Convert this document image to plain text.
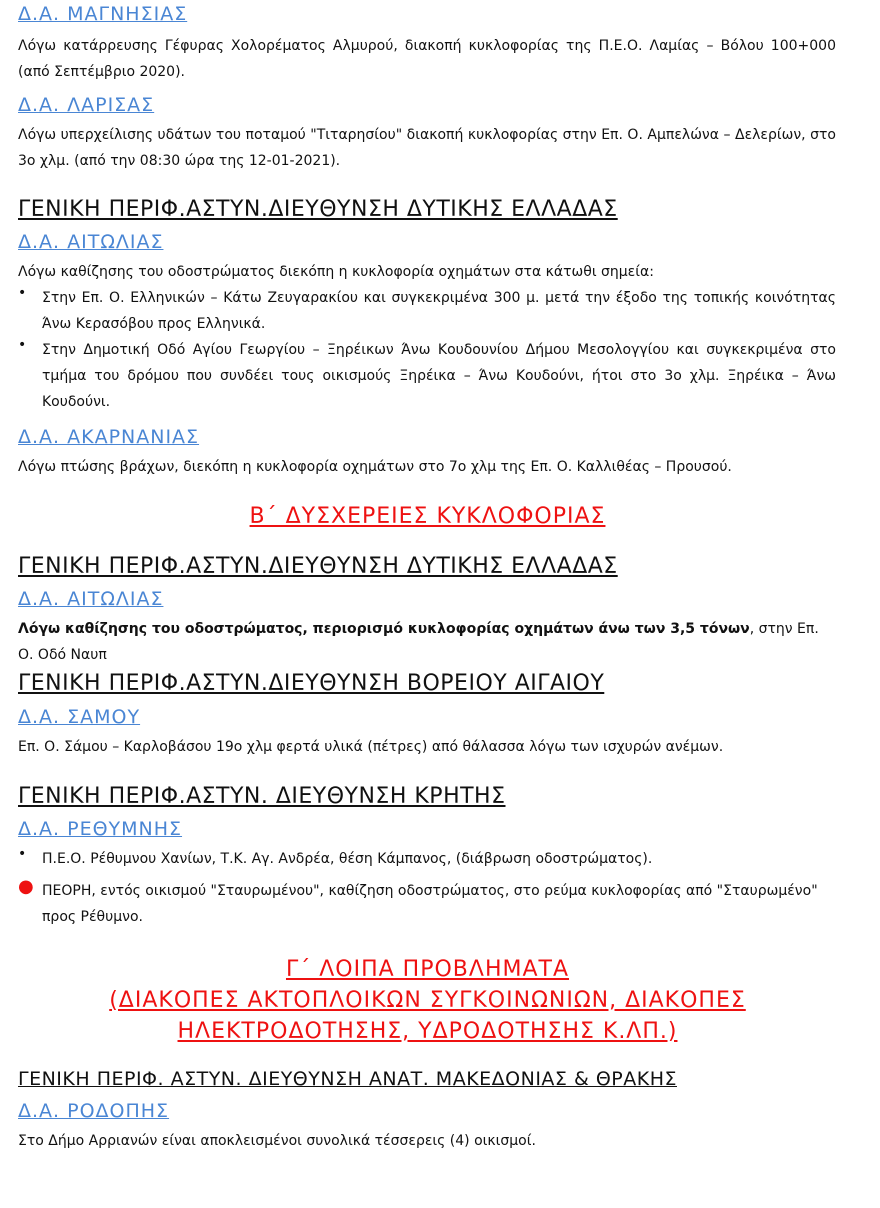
Δ.Α. ΜΑΓΝΗΣΙΑΣ
Λόγω κατάρρευσης Γέφυρας Χολορέματος Αλμυρού, διακοπή κυκλοφορίας της Π.Ε.Ο. Λαμίας – Βόλου 100+000 (από Σεπτέμβριο 2020).
Δ.Α. ΛΑΡΙΣΑΣ
Λόγω υπερχείλισης υδάτων του ποταμού "Τιταρησίου" διακοπή κυκλοφορίας στην Επ. Ο. Αμπελώνα – Δελερίων, στο 3ο χλμ. (από την 08:30 ώρα της 12-01-2021).
ΓΕΝΙΚΗ ΠΕΡΙΦ.ΑΣΤΥΝ.ΔΙΕΥΘΥΝΣΗ ΔΥΤΙΚΗΣ ΕΛΛΑΔΑΣ
Δ.Α. ΑΙΤΩΛΙΑΣ
Λόγω καθίζησης του οδοστρώματος διεκόπη η κυκλοφορία οχημάτων στα κάτωθι σημεία:
• Στην Επ. Ο. Ελληνικών – Κάτω Ζευγαρακίου και συγκεκριμένα 300 μ. μετά την έξοδο της τοπικής κοινότητας Άνω Κερασόβου προς Ελληνικά.
• Στην Δημοτική Οδό Αγίου Γεωργίου – Ξηρέικων Άνω Κουδουνίου Δήμου Μεσολογγίου και συγκεκριμένα στο τμήμα του δρόμου που συνδέει τους οικισμούς Ξηρέικα – Άνω Κουδούνι, ήτοι στο 3ο χλμ. Ξηρέικα – Άνω Κουδούνι.
Δ.Α. ΑΚΑΡΝΑΝΙΑΣ
Λόγω πτώσης βράχων, διεκόπη η κυκλοφορία οχημάτων στο 7ο χλμ της Επ. Ο. Καλλιθέας – Προυσού.
Β΄ ΔΥΣΧΕΡΕΙΕΣ ΚΥΚΛΟΦΟΡΙΑΣ
ΓΕΝΙΚΗ ΠΕΡΙΦ.ΑΣΤΥΝ.ΔΙΕΥΘΥΝΣΗ ΔΥΤΙΚΗΣ ΕΛΛΑΔΑΣ
Δ.Α. ΑΙΤΩΛΙΑΣ
Λόγω καθίζησης του οδοστρώματος, περιορισμό κυκλοφορίας οχημάτων άνω των 3,5 τόνων, στην Επ. Ο. Οδό Ναυπ
ΓΕΝΙΚΗ ΠΕΡΙΦ.ΑΣΤΥΝ.ΔΙΕΥΘΥΝΣΗ ΒΟΡΕΙΟΥ ΑΙΓΑΙΟΥ
Δ.Α. ΣΑΜΟΥ
Επ. Ο. Σάμου – Καρλοβάσου 19ο χλμ φερτά υλικά (πέτρες) από θάλασσα λόγω των ισχυρών ανέμων.
ΓΕΝΙΚΗ ΠΕΡΙΦ.ΑΣΤΥΝ. ΔΙΕΥΘΥΝΣΗ ΚΡΗΤΗΣ
Δ.Α. ΡΕΘΥΜΝΗΣ
• Π.Ε.Ο. Ρέθυμνου Χανίων, Τ.Κ. Αγ. Ανδρέα, θέση Κάμπανος, (διάβρωση οδοστρώματος).
● ΠΕΟΡΗ, εντός οικισμού "Σταυρωμένου", καθίζηση οδοστρώματος, στο ρεύμα κυκλοφορίας από "Σταυρωμένο" προς Ρέθυμνο.
Γ΄ ΛΟΙΠΑ ΠΡΟΒΛΗΜΑΤΑ
(ΔΙΑΚΟΠΕΣ ΑΚΤΟΠΛΟΙΚΩΝ ΣΥΓΚΟΙΝΩΝΙΩΝ, ΔΙΑΚΟΠΕΣ
ΗΛΕΚΤΡΟΔΟΤΗΣΗΣ, ΥΔΡΟΔΟΤΗΣΗΣ Κ.ΛΠ.)
ΓΕΝΙΚΗ ΠΕΡΙΦ. ΑΣΤΥΝ. ΔΙΕΥΘΥΝΣΗ ΑΝΑΤ. ΜΑΚΕΔΟΝΙΑΣ & ΘΡΑΚΗΣ
Δ.Α. ΡΟΔΟΠΗΣ
Στο Δήμο Αρριανών είναι αποκλεισμένοι συνολικά τέσσερεις (4) οικισμοί.
